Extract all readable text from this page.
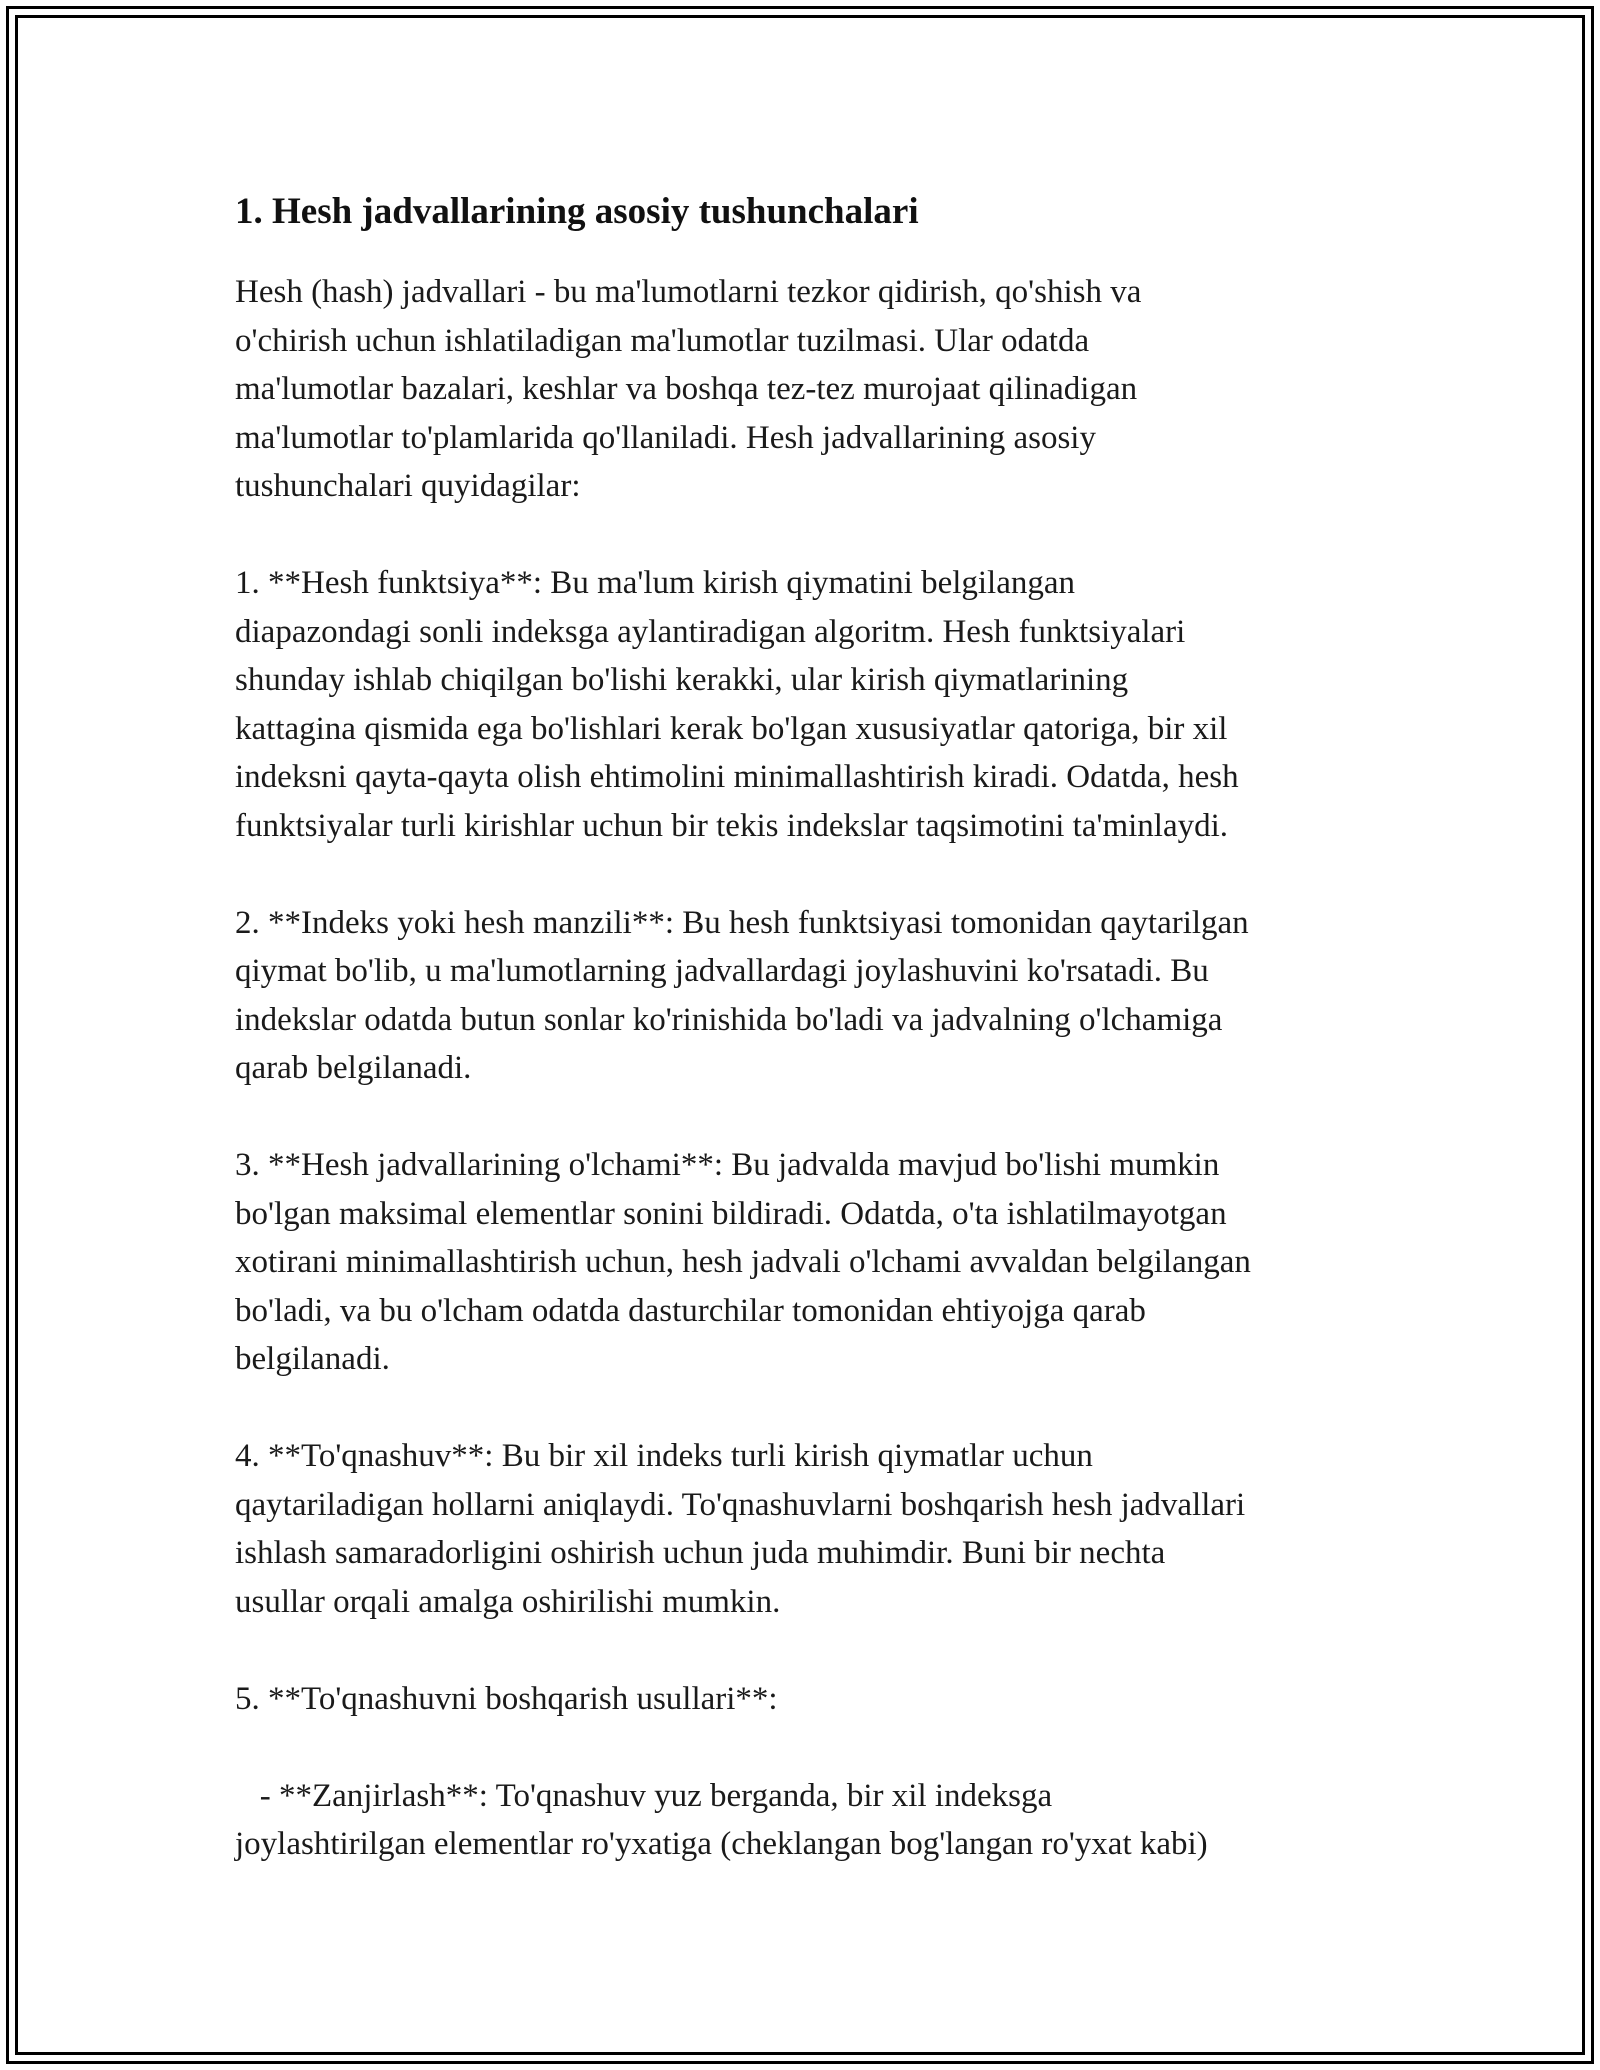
1. Hesh jadvallarining asosiy tushunchalari

Hesh (hash) jadvallari - bu ma'lumotlarni tezkor qidirish, qo'shish va
o'chirish uchun ishlatiladigan ma'lumotlar tuzilmasi. Ular odatda
ma'lumotlar bazalari, keshlar va boshqa tez-tez murojaat qilinadigan
ma'lumotlar to'plamlarida qo'llaniladi. Hesh jadvallarining asosiy
tushunchalari quyidagilar:

1. **Hesh funktsiya**: Bu ma'lum kirish qiymatini belgilangan
diapazondagi sonli indeksga aylantiradigan algoritm. Hesh funktsiyalari
shunday ishlab chiqilgan bo'lishi kerakki, ular kirish qiymatlarining
kattagina qismida ega bo'lishlari kerak bo'lgan xususiyatlar qatoriga, bir xil
indeksni qayta-qayta olish ehtimolini minimallashtirish kiradi. Odatda, hesh
funktsiyalar turli kirishlar uchun bir tekis indekslar taqsimotini ta'minlaydi.

2. **Indeks yoki hesh manzili**: Bu hesh funktsiyasi tomonidan qaytarilgan
qiymat bo'lib, u ma'lumotlarning jadvallardagi joylashuvini ko'rsatadi. Bu
indekslar odatda butun sonlar ko'rinishida bo'ladi va jadvalning o'lchamiga
qarab belgilanadi.

3. **Hesh jadvallarining o'lchami**: Bu jadvalda mavjud bo'lishi mumkin
bo'lgan maksimal elementlar sonini bildiradi. Odatda, o'ta ishlatilmayotgan
xotirani minimallashtirish uchun, hesh jadvali o'lchami avvaldan belgilangan
bo'ladi, va bu o'lcham odatda dasturchilar tomonidan ehtiyojga qarab
belgilanadi.

4. **To'qnashuv**: Bu bir xil indeks turli kirish qiymatlar uchun
qaytariladigan hollarni aniqlaydi. To'qnashuvlarni boshqarish hesh jadvallari
ishlash samaradorligini oshirish uchun juda muhimdir. Buni bir nechta
usullar orqali amalga oshirilishi mumkin.

5. **To'qnashuvni boshqarish usullari**:

- **Zanjirlash**: To'qnashuv yuz berganda, bir xil indeksga
joylashtirilgan elementlar ro'yxatiga (cheklangan bog'langan ro'yxat kabi)
